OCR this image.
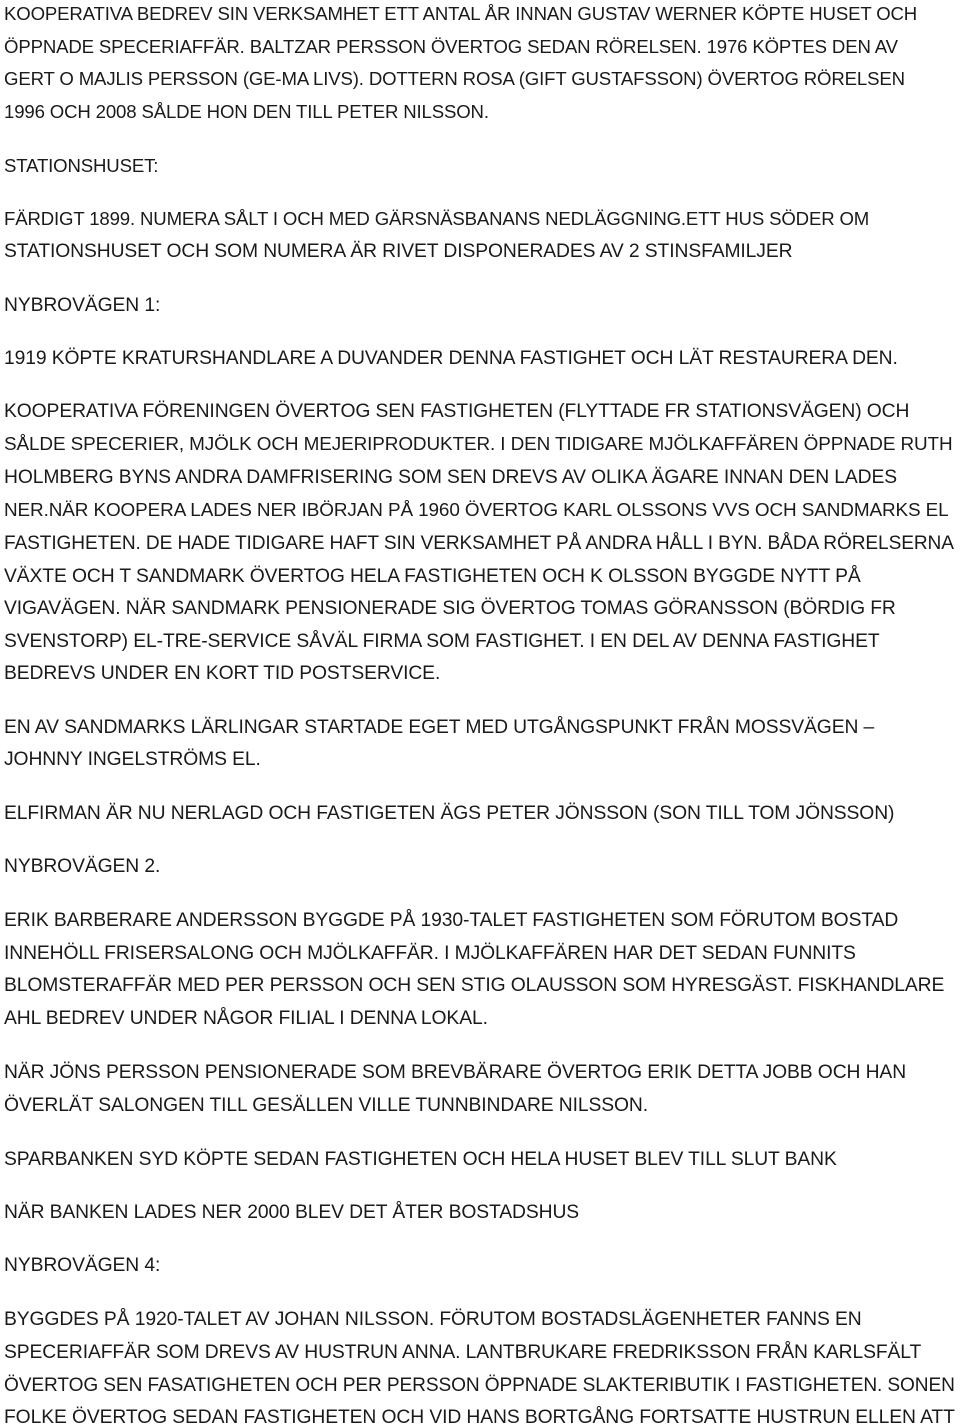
KOOPERATIVA BEDREV SIN VERKSAMHET ETT ANTAL ÅR INNAN GUSTAV WERNER KÖPTE HUSET OCH
ÖPPNADE SPECERIAFFÄR. BALTZAR PERSSON ÖVERTOG SEDAN RÖRELSEN. 1976 KÖPTES DEN AV
GERT O MAJLIS PERSSON (GE-MA LIVS). DOTTERN ROSA (GIFT GUSTAFSSON) ÖVERTOG RÖRELSEN
1996 OCH 2008 SÅLDE HON DEN TILL PETER NILSSON.
STATIONSHUSET:
FÄRDIGT 1899. NUMERA SÅLT I OCH MED GÄRSNÄSBANANS NEDLÄGGNING.ETT HUS SÖDER OM
STATIONSHUSET OCH SOM NUMERA ÄR RIVET DISPONERADES AV 2 STINSFAMILJER
NYBROVÄGEN 1:
1919 KÖPTE KRATURSHANDLARE A DUVANDER DENNA FASTIGHET OCH LÄT RESTAURERA DEN.
KOOPERATIVA FÖRENINGEN ÖVERTOG SEN FASTIGHETEN (FLYTTADE FR STATIONSVÄGEN) OCH
SÅLDE SPECERIER, MJÖLK OCH MEJERIPRODUKTER. I DEN TIDIGARE MJÖLKAFFÄREN ÖPPNADE RUTH
HOLMBERG BYNS ANDRA DAMFRISERING SOM SEN DREVS AV OLIKA ÄGARE INNAN DEN LADES
NER.NÄR KOOPERA LADES NER IBÖRJAN PÅ 1960 ÖVERTOG KARL OLSSONS VVS OCH SANDMARKS EL
FASTIGHETEN. DE HADE TIDIGARE HAFT SIN VERKSAMHET PÅ ANDRA HÅLL I BYN. BÅDA RÖRELSERNA
VÄXTE OCH T SANDMARK ÖVERTOG HELA FASTIGHETEN OCH K OLSSON BYGGDE NYTT PÅ
VIGAVÄGEN. NÄR SANDMARK PENSIONERADE SIG ÖVERTOG TOMAS GÖRANSSON (BÖRDIG FR
SVENSTORP) EL-TRE-SERVICE SÅVÄL FIRMA SOM FASTIGHET. I EN DEL AV DENNA FASTIGHET
BEDREVS UNDER EN KORT TID POSTSERVICE.
EN AV SANDMARKS LÄRLINGAR STARTADE EGET MED UTGÅNGSPUNKT FRÅN MOSSVÄGEN –
JOHNNY INGELSTRÖMS EL.
ELFIRMAN ÄR NU NERLAGD OCH FASTIGETEN ÄGS PETER JÖNSSON (SON TILL TOM JÖNSSON)
NYBROVÄGEN 2.
ERIK BARBERARE ANDERSSON BYGGDE PÅ 1930-TALET FASTIGHETEN SOM FÖRUTOM BOSTAD
INNEHÖLL FRISERSALONG OCH MJÖLKAFFÄR. I MJÖLKAFFÄREN HAR DET SEDAN FUNNITS
BLOMSTERAFFÄR MED PER PERSSON OCH SEN STIG OLAUSSON SOM HYRESGÄST. FISKHANDLARE
AHL BEDREV UNDER NÅGOR FILIAL I DENNA LOKAL.
NÄR JÖNS PERSSON PENSIONERADE SOM BREVBÄRARE ÖVERTOG ERIK DETTA JOBB OCH HAN
ÖVERLÄT SALONGEN TILL GESÄLLEN VILLE TUNNBINDARE NILSSON.
SPARBANKEN SYD KÖPTE SEDAN FASTIGHETEN OCH HELA HUSET BLEV TILL SLUT BANK
NÄR BANKEN LADES NER 2000 BLEV DET ÅTER BOSTADSHUS
NYBROVÄGEN 4:
BYGGDES PÅ 1920-TALET AV JOHAN NILSSON. FÖRUTOM BOSTADSLÄGENHETER FANNS EN
SPECERIAFFÄR SOM DREVS AV HUSTRUN ANNA. LANTBRUKARE FREDRIKSSON FRÅN KARLSFÄLT
ÖVERTOG SEN FASATIGHETEN OCH PER PERSSON ÖPPNADE SLAKTERIBUTIK I FASTIGHETEN. SONEN
FOLKE ÖVERTOG SEDAN FASTIGHETEN OCH VID HANS BORTGÅNG FORTSATTE HUSTRUN ELLEN ATT
